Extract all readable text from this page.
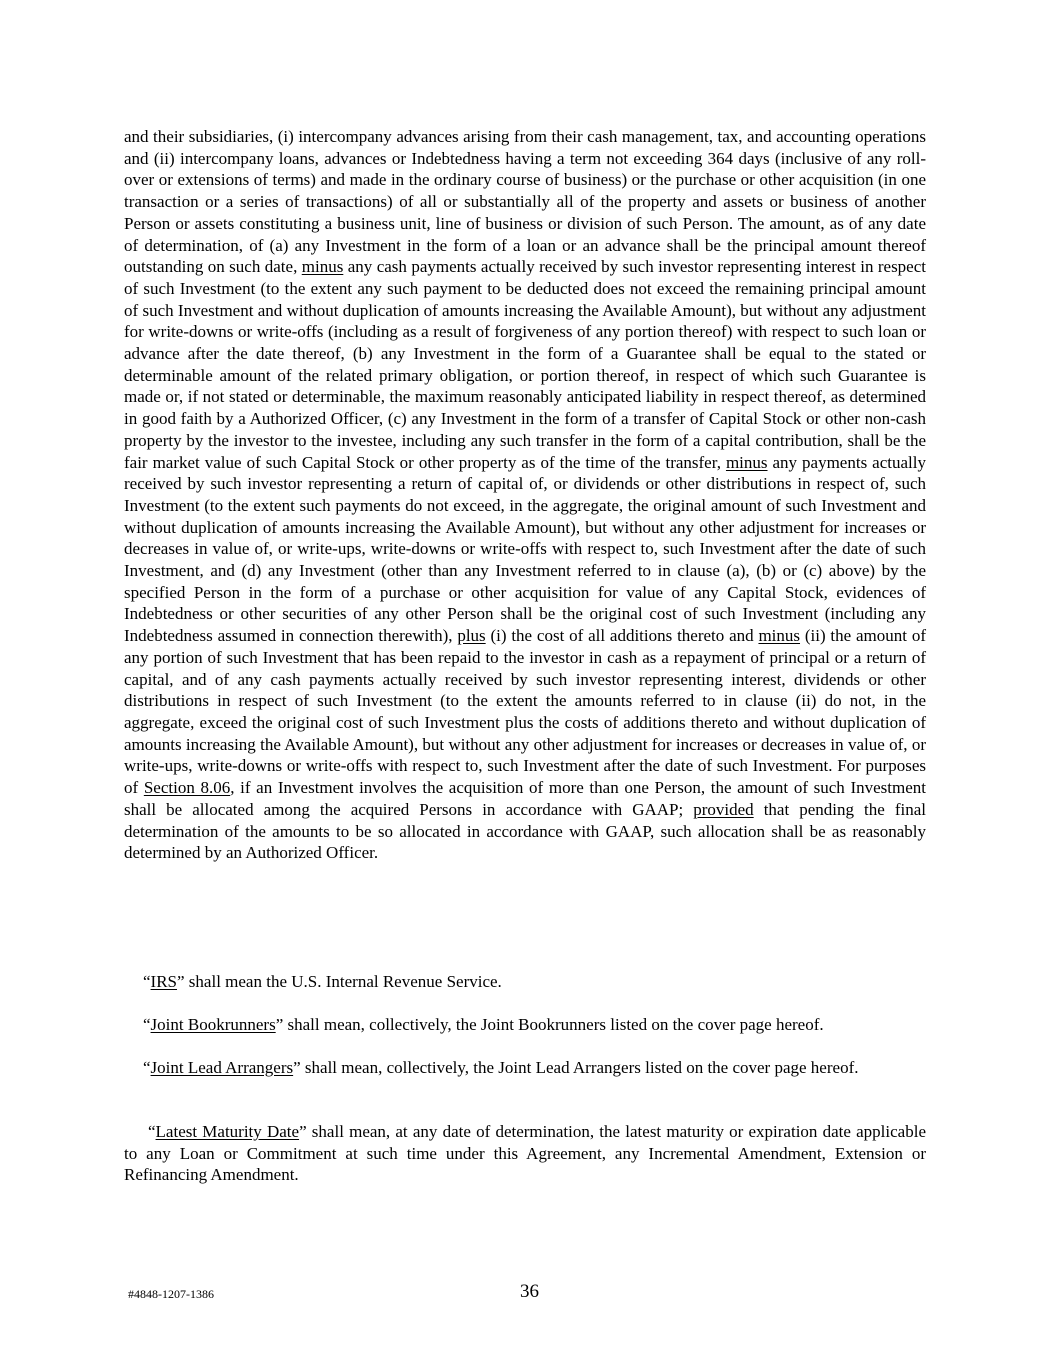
and their subsidiaries, (i) intercompany advances arising from their cash management, tax, and accounting operations and (ii) intercompany loans, advances or Indebtedness having a term not exceeding 364 days (inclusive of any roll-over or extensions of terms) and made in the ordinary course of business) or the purchase or other acquisition (in one transaction or a series of transactions) of all or substantially all of the property and assets or business of another Person or assets constituting a business unit, line of business or division of such Person. The amount, as of any date of determination, of (a) any Investment in the form of a loan or an advance shall be the principal amount thereof outstanding on such date, minus any cash payments actually received by such investor representing interest in respect of such Investment (to the extent any such payment to be deducted does not exceed the remaining principal amount of such Investment and without duplication of amounts increasing the Available Amount), but without any adjustment for write-downs or write-offs (including as a result of forgiveness of any portion thereof) with respect to such loan or advance after the date thereof, (b) any Investment in the form of a Guarantee shall be equal to the stated or determinable amount of the related primary obligation, or portion thereof, in respect of which such Guarantee is made or, if not stated or determinable, the maximum reasonably anticipated liability in respect thereof, as determined in good faith by a Authorized Officer, (c) any Investment in the form of a transfer of Capital Stock or other non-cash property by the investor to the investee, including any such transfer in the form of a capital contribution, shall be the fair market value of such Capital Stock or other property as of the time of the transfer, minus any payments actually received by such investor representing a return of capital of, or dividends or other distributions in respect of, such Investment (to the extent such payments do not exceed, in the aggregate, the original amount of such Investment and without duplication of amounts increasing the Available Amount), but without any other adjustment for increases or decreases in value of, or write-ups, write-downs or write-offs with respect to, such Investment after the date of such Investment, and (d) any Investment (other than any Investment referred to in clause (a), (b) or (c) above) by the specified Person in the form of a purchase or other acquisition for value of any Capital Stock, evidences of Indebtedness or other securities of any other Person shall be the original cost of such Investment (including any Indebtedness assumed in connection therewith), plus (i) the cost of all additions thereto and minus (ii) the amount of any portion of such Investment that has been repaid to the investor in cash as a repayment of principal or a return of capital, and of any cash payments actually received by such investor representing interest, dividends or other distributions in respect of such Investment (to the extent the amounts referred to in clause (ii) do not, in the aggregate, exceed the original cost of such Investment plus the costs of additions thereto and without duplication of amounts increasing the Available Amount), but without any other adjustment for increases or decreases in value of, or write-ups, write-downs or write-offs with respect to, such Investment after the date of such Investment. For purposes of Section 8.06, if an Investment involves the acquisition of more than one Person, the amount of such Investment shall be allocated among the acquired Persons in accordance with GAAP; provided that pending the final determination of the amounts to be so allocated in accordance with GAAP, such allocation shall be as reasonably determined by an Authorized Officer.

“IRS” shall mean the U.S. Internal Revenue Service.

“Joint Bookrunners” shall mean, collectively, the Joint Bookrunners listed on the cover page hereof.

“Joint Lead Arrangers” shall mean, collectively, the Joint Lead Arrangers listed on the cover page hereof.

“Latest Maturity Date” shall mean, at any date of determination, the latest maturity or expiration date applicable to any Loan or Commitment at such time under this Agreement, any Incremental Amendment, Extension or Refinancing Amendment.

#4848-1207-1386	36
